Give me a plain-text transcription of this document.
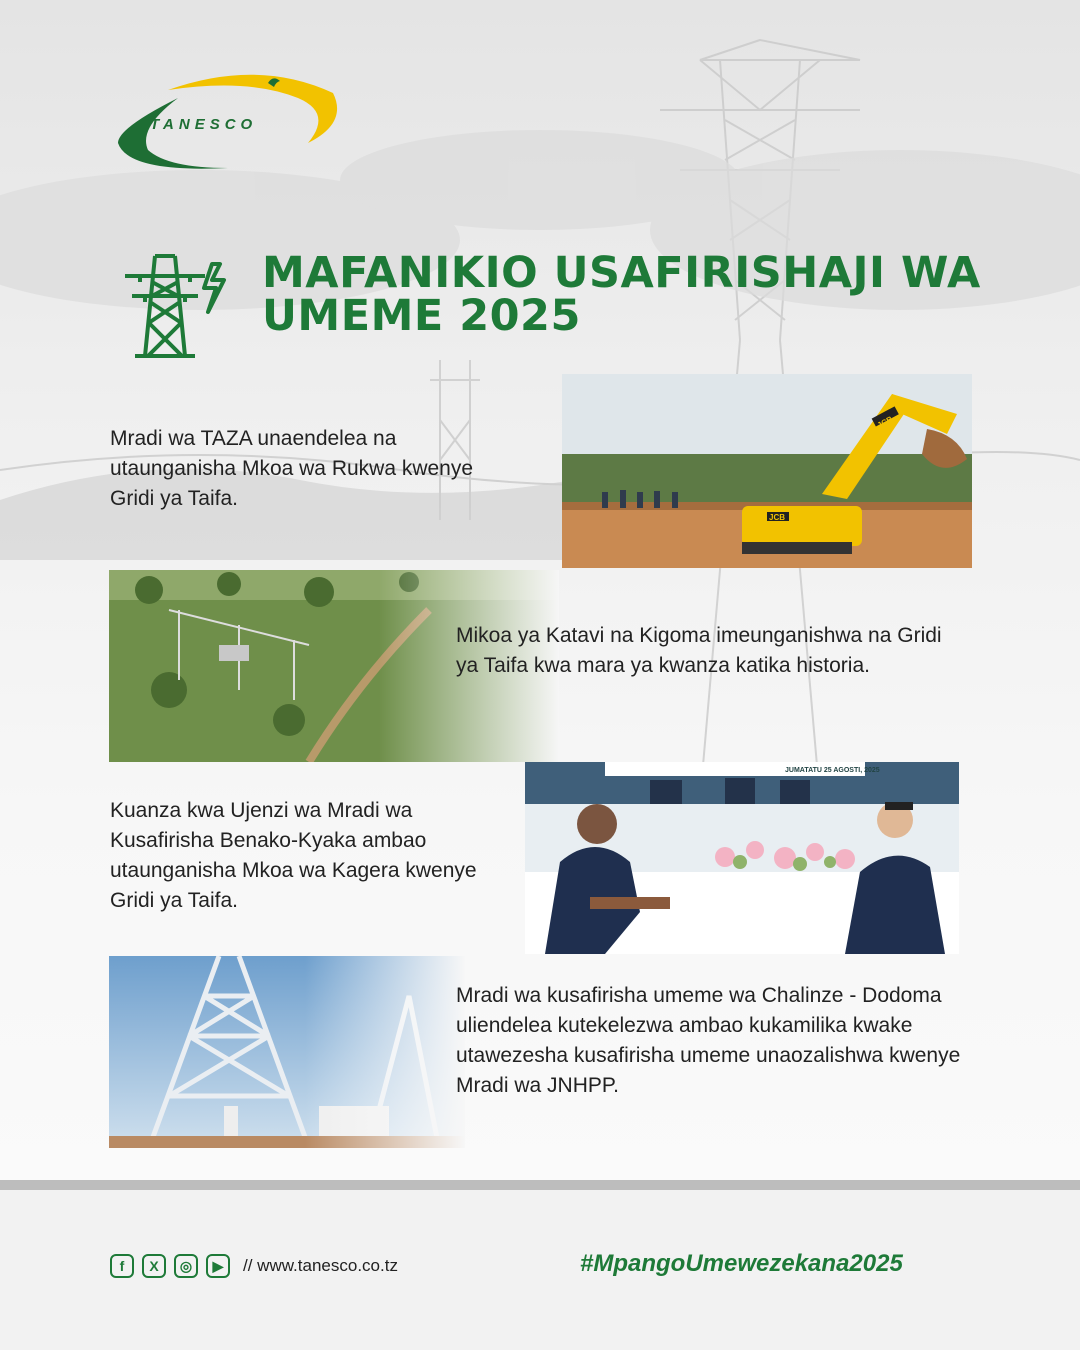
TANESCO
MAFANIKIO USAFIRISHAJI WA UMEME 2025

Mradi wa TAZA unaendelea na utaunganisha Mkoa wa Rukwa kwenye Gridi ya Taifa.

JCB
JCB

Mikoa ya Katavi na Kigoma imeunganishwa na Gridi ya Taifa kwa mara ya kwanza katika historia.

Kuanza kwa Ujenzi wa Mradi wa Kusafirisha Benako-Kyaka ambao utaunganisha Mkoa wa Kagera kwenye Gridi ya Taifa.

JUMATATU 25 AGOSTI, 2025

Mradi wa kusafirisha umeme wa Chalinze - Dodoma uliendelea kutekelezwa ambao kukamilika kwake utawezesha kusafirisha umeme unaozalishwa kwenye Mradi wa JNHPP.

f	X	◎	▶	// www.tanesco.co.tz	#MpangoUmewezekana2025
